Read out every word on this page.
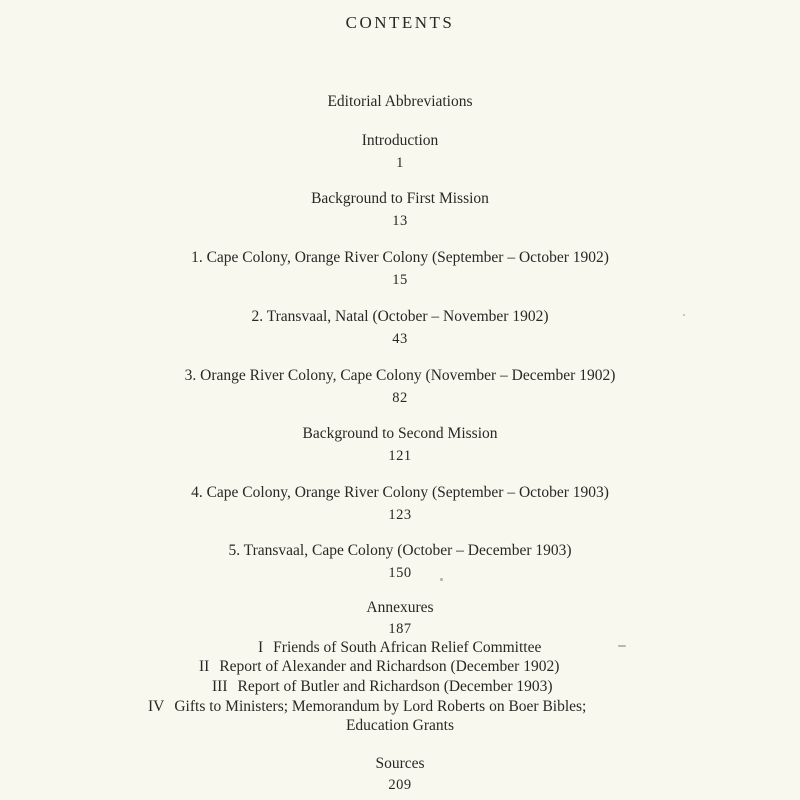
CONTENTS
Editorial Abbreviations
Introduction
1
Background to First Mission
13
1. Cape Colony, Orange River Colony (September – October 1902)
15
2. Transvaal, Natal (October – November 1902)
43
3. Orange River Colony, Cape Colony (November – December 1902)
82
Background to Second Mission
121
4. Cape Colony, Orange River Colony (September – October 1903)
123
5. Transvaal, Cape Colony (October – December 1903)
150
Annexures
187
I Friends of South African Relief Committee
II Report of Alexander and Richardson (December 1902)
III Report of Butler and Richardson (December 1903)
IV Gifts to Ministers; Memorandum by Lord Roberts on Boer Bibles;
Education Grants
Sources
209
